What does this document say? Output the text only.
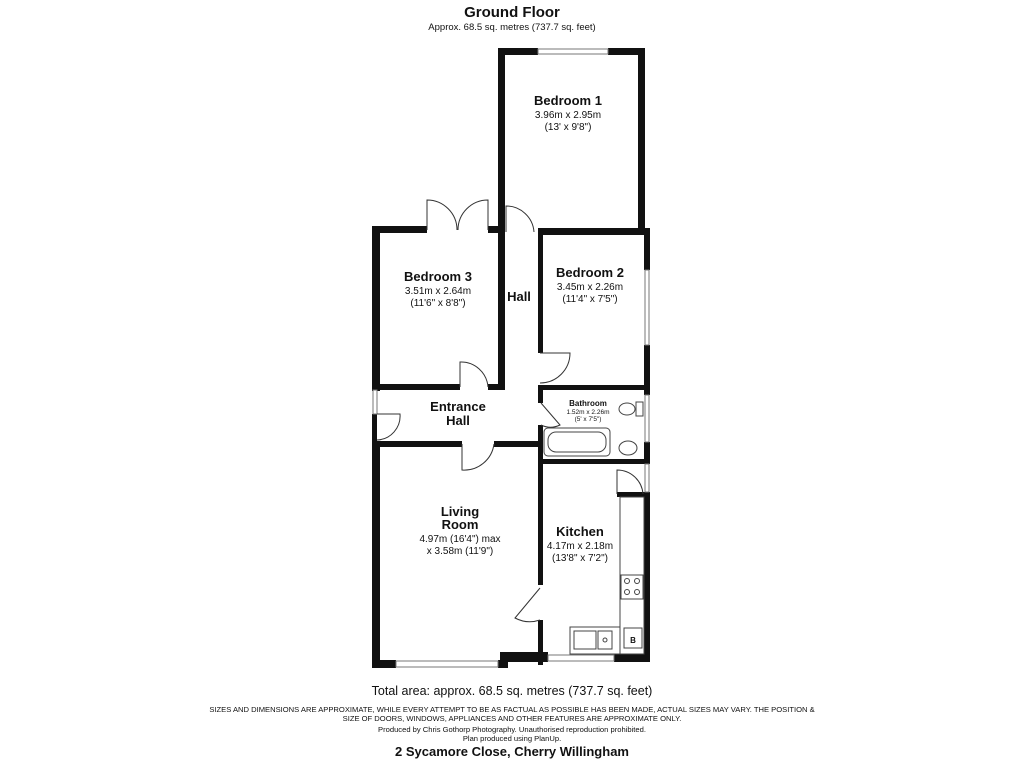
Ground Floor
Approx. 68.5 sq. metres (737.7 sq. feet)
Bedroom 1
3.96m x 2.95m
(13' x 9'8")
Bedroom 2
3.45m x 2.26m
(11'4" x 7'5")
Bedroom 3
3.51m x 2.64m
(11'6" x 8'8")	Hall
Entrance
Hall
Bathroom
1.52m x 2.26m
(5' x 7'5")
Living
Room
4.97m (16'4") max
x 3.58m (11'9")
Kitchen
4.17m x 2.18m
(13'8" x 7'2")
B
Total area: approx. 68.5 sq. metres (737.7 sq. feet)
SIZES AND DIMENSIONS ARE APPROXIMATE, WHILE EVERY ATTEMPT TO BE AS FACTUAL AS POSSIBLE HAS BEEN MADE, ACTUAL SIZES MAY VARY. THE POSITION &
SIZE OF DOORS, WINDOWS, APPLIANCES AND OTHER FEATURES ARE APPROXIMATE ONLY.
Produced by Chris Gothorp Photography. Unauthorised reproduction prohibited.
Plan produced using PlanUp.
2 Sycamore Close, Cherry Willingham
